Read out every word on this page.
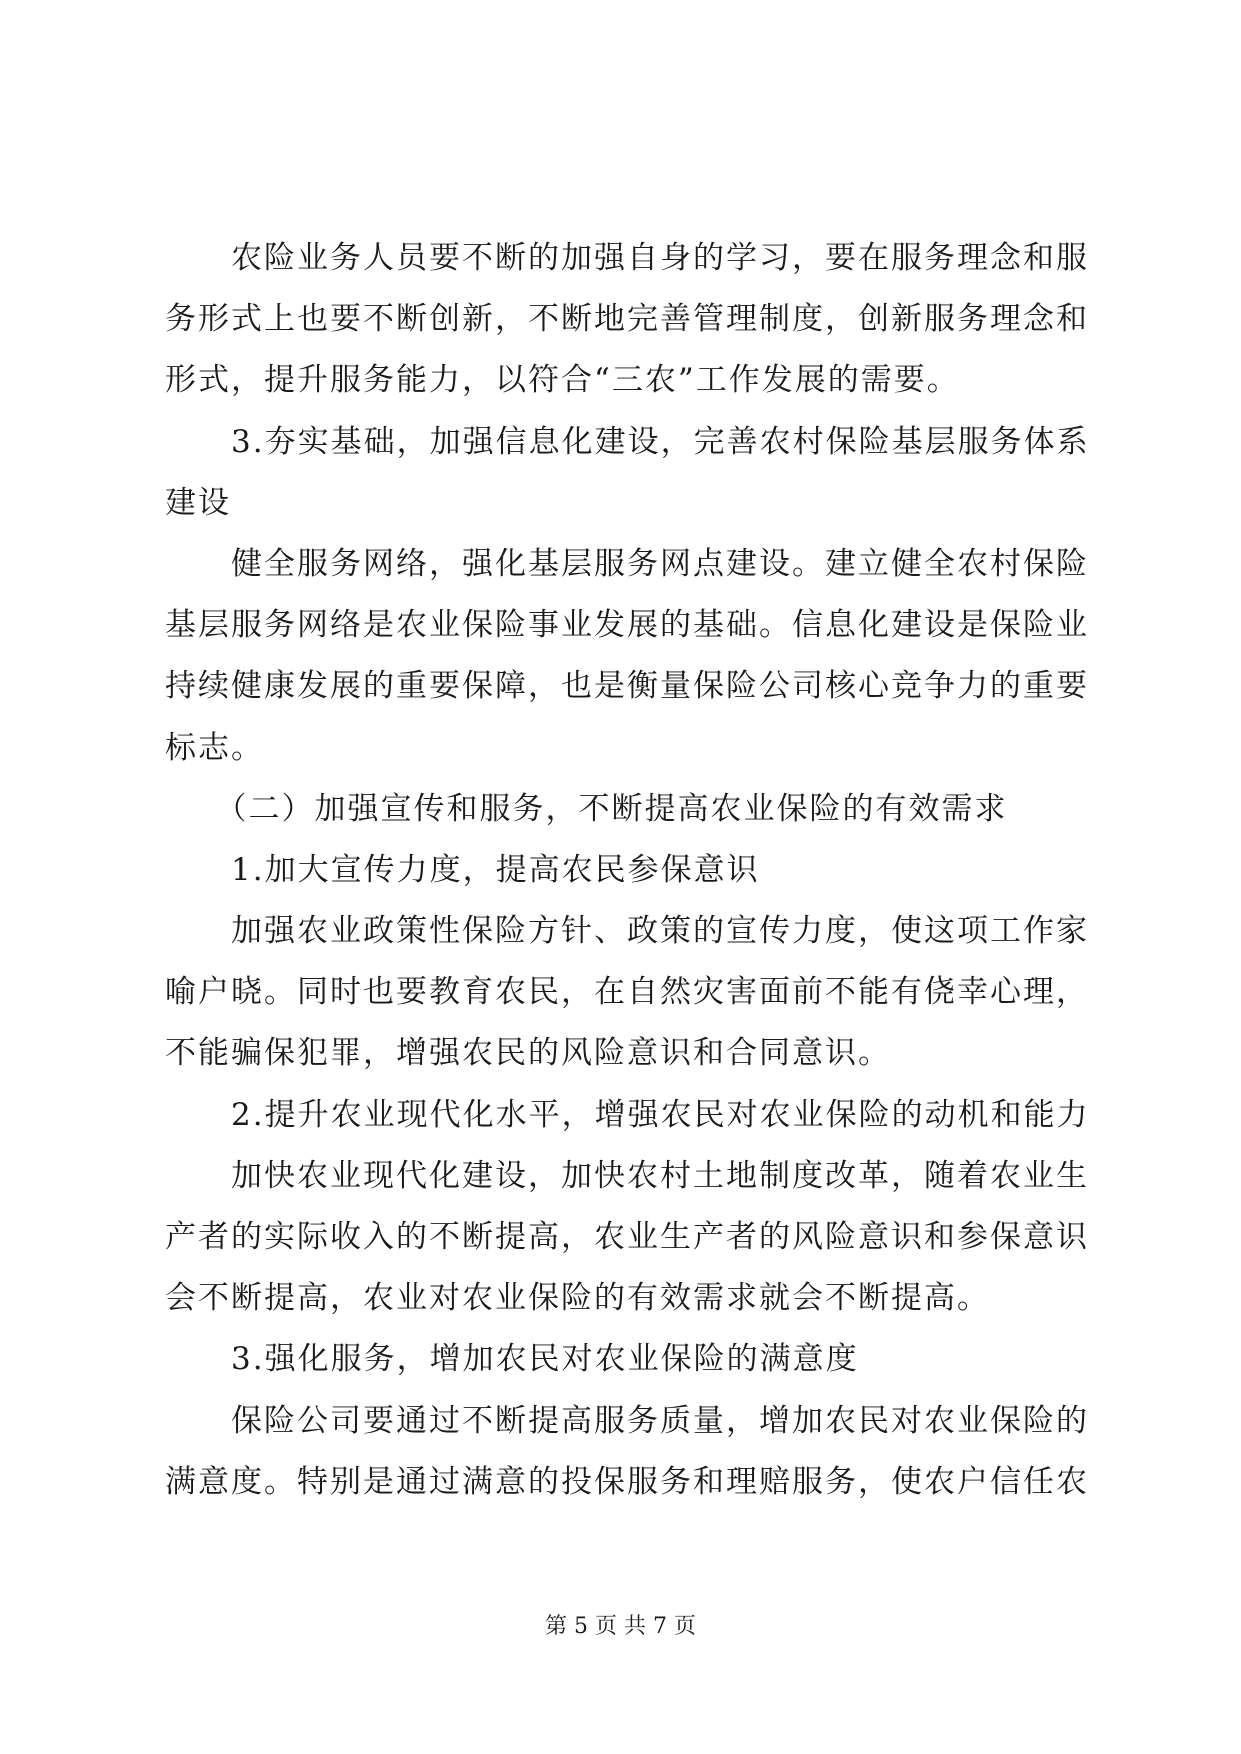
　　农险业务人员要不断的加强自身的学习，要在服务理念和服
务形式上也要不断创新，不断地完善管理制度，创新服务理念和
形式，提升服务能力，以符合“三农”工作发展的需要。
　　3.夯实基础，加强信息化建设，完善农村保险基层服务体系
建设
　　健全服务网络，强化基层服务网点建设。建立健全农村保险
基层服务网络是农业保险事业发展的基础。信息化建设是保险业
持续健康发展的重要保障，也是衡量保险公司核心竞争力的重要
标志。
　　（二）加强宣传和服务，不断提高农业保险的有效需求
　　1.加大宣传力度，提高农民参保意识
　　加强农业政策性保险方针、政策的宣传力度，使这项工作家
喻户晓。同时也要教育农民，在自然灾害面前不能有侥幸心理，
不能骗保犯罪，增强农民的风险意识和合同意识。
　　2.提升农业现代化水平，增强农民对农业保险的动机和能力
　　加快农业现代化建设，加快农村土地制度改革，随着农业生
产者的实际收入的不断提高，农业生产者的风险意识和参保意识
会不断提高，农业对农业保险的有效需求就会不断提高。
　　3.强化服务，增加农民对农业保险的满意度
　　保险公司要通过不断提高服务质量，增加农民对农业保险的
满意度。特别是通过满意的投保服务和理赔服务，使农户信任农
第 5 页 共 7 页
